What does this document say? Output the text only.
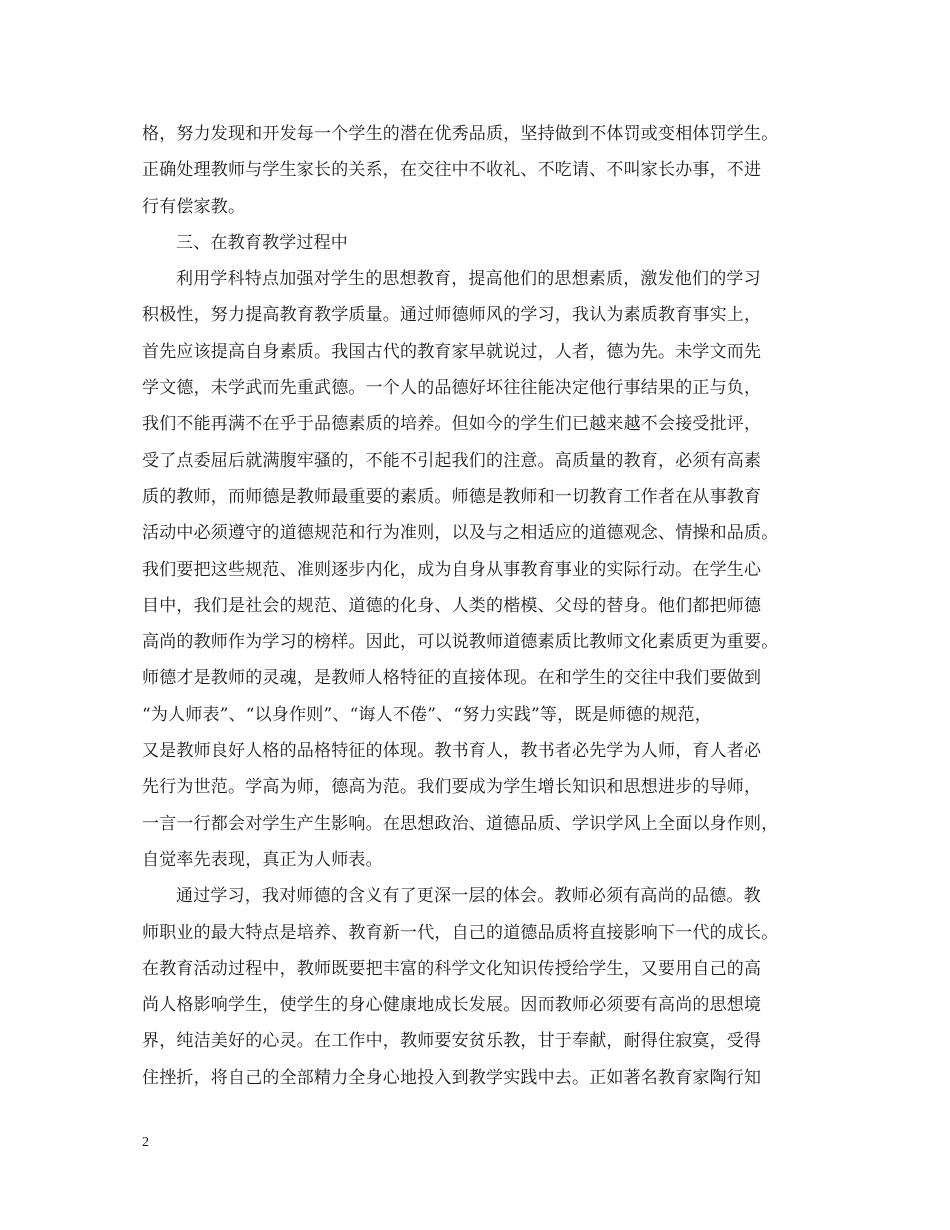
格，努力发现和开发每一个学生的潜在优秀品质，坚持做到不体罚或变相体罚学生。
正确处理教师与学生家长的关系，在交往中不收礼、不吃请、不叫家长办事，不进
行有偿家教。
三、在教育教学过程中
利用学科特点加强对学生的思想教育，提高他们的思想素质，激发他们的学习
积极性，努力提高教育教学质量。通过师德师风的学习，我认为素质教育事实上，
首先应该提高自身素质。我国古代的教育家早就说过，人者，德为先。未学文而先
学文德，未学武而先重武德。一个人的品德好坏往往能决定他行事结果的正与负，
我们不能再满不在乎于品德素质的培养。但如今的学生们已越来越不会接受批评，
受了点委屈后就满腹牢骚的，不能不引起我们的注意。高质量的教育，必须有高素
质的教师，而师德是教师最重要的素质。师德是教师和一切教育工作者在从事教育
活动中必须遵守的道德规范和行为准则，以及与之相适应的道德观念、情操和品质。
我们要把这些规范、准则逐步内化，成为自身从事教育事业的实际行动。在学生心
目中，我们是社会的规范、道德的化身、人类的楷模、父母的替身。他们都把师德
高尚的教师作为学习的榜样。因此，可以说教师道德素质比教师文化素质更为重要。
师德才是教师的灵魂，是教师人格特征的直接体现。在和学生的交往中我们要做到
“为人师表”、“以身作则”、“诲人不倦”、“努力实践”等，既是师德的规范，
又是教师良好人格的品格特征的体现。教书育人，教书者必先学为人师，育人者必
先行为世范。学高为师，德高为范。我们要成为学生增长知识和思想进步的导师，
一言一行都会对学生产生影响。在思想政治、道德品质、学识学风上全面以身作则，
自觉率先表现，真正为人师表。
通过学习，我对师德的含义有了更深一层的体会。教师必须有高尚的品德。教
师职业的最大特点是培养、教育新一代，自己的道德品质将直接影响下一代的成长。
在教育活动过程中，教师既要把丰富的科学文化知识传授给学生，又要用自己的高
尚人格影响学生，使学生的身心健康地成长发展。因而教师必须要有高尚的思想境
界，纯洁美好的心灵。在工作中，教师要安贫乐教，甘于奉献，耐得住寂寞，受得
住挫折，将自己的全部精力全身心地投入到教学实践中去。正如著名教育家陶行知
2
